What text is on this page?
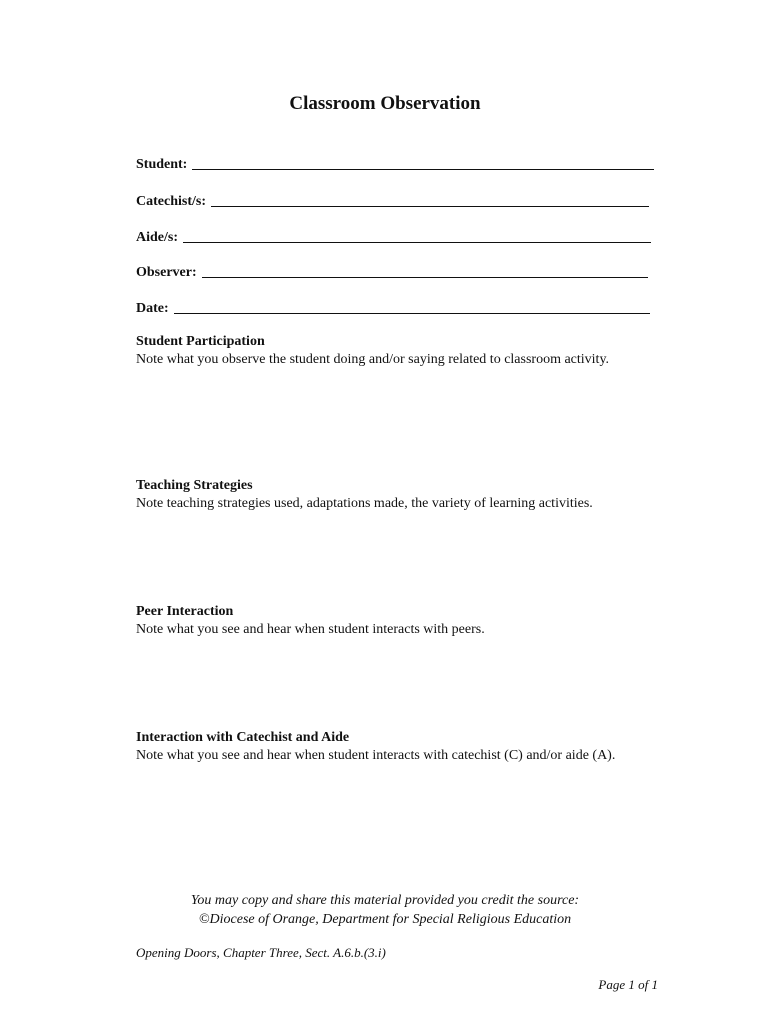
Classroom Observation
Student:
Catechist/s:
Aide/s:
Observer:
Date:
Student Participation
Note what you observe the student doing and/or saying related to classroom activity.
Teaching Strategies
Note teaching strategies used, adaptations made, the variety of learning activities.
Peer Interaction
Note what you see and hear when student interacts with peers.
Interaction with Catechist and Aide
Note what you see and hear when student interacts with catechist (C) and/or aide (A).
You may copy and share this material provided you credit the source:
©Diocese of Orange, Department for Special Religious Education
Opening Doors, Chapter Three, Sect. A.6.b.(3.i)
Page 1 of 1
